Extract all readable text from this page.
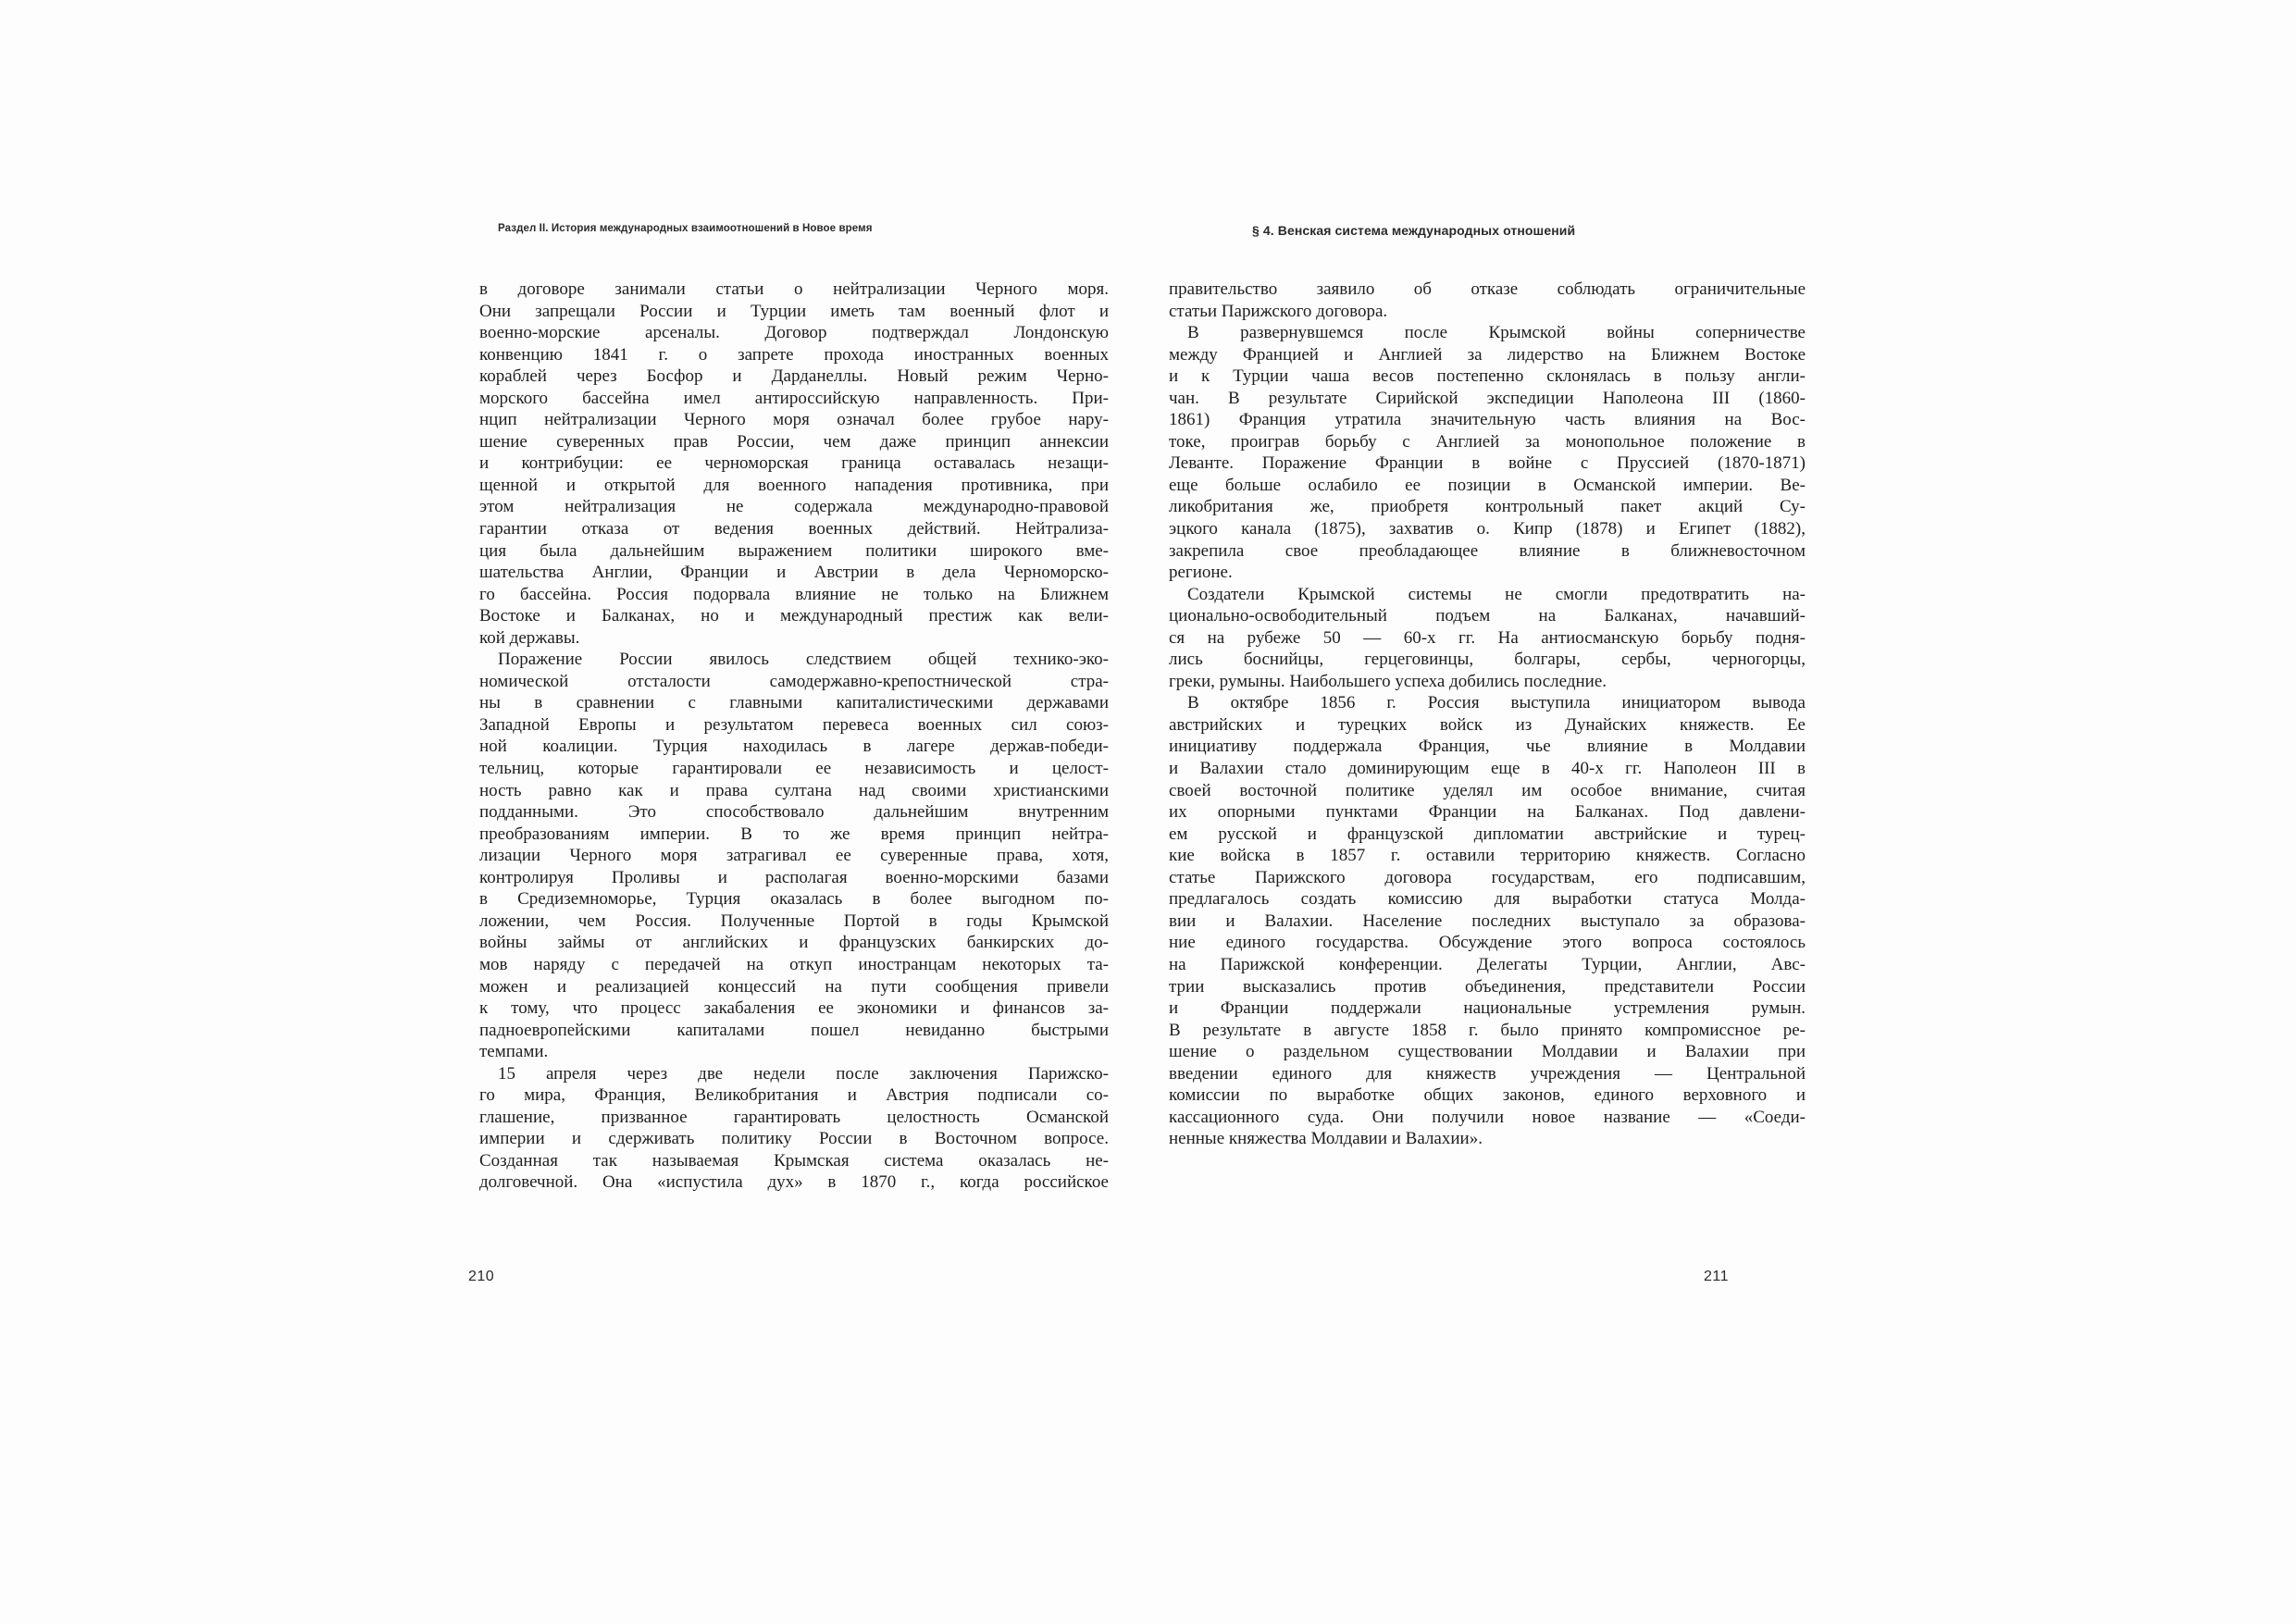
Раздел II. История международных взаимоотношений в Новое время
в договоре занимали статьи о нейтрализации Черного моря.
Они запрещали России и Турции иметь там военный флот и
военно-морские арсеналы. Договор подтверждал Лондонскую
конвенцию 1841 г. о запрете прохода иностранных военных
кораблей через Босфор и Дарданеллы. Новый режим Черно-
морского бассейна имел антироссийскую направленность. При-
нцип нейтрализации Черного моря означал более грубое нару-
шение суверенных прав России, чем даже принцип аннексии
и контрибуции: ее черноморская граница оставалась незащи-
щенной и открытой для военного нападения противника, при
этом нейтрализация не содержала международно-правовой
гарантии отказа от ведения военных действий. Нейтрализа-
ция была дальнейшим выражением политики широкого вме-
шательства Англии, Франции и Австрии в дела Черноморско-
го бассейна. Россия подорвала влияние не только на Ближнем
Востоке и Балканах, но и международный престиж как вели-
кой державы.
Поражение России явилось следствием общей технико-эко-
номической отсталости самодержавно-крепостнической стра-
ны в сравнении с главными капиталистическими державами
Западной Европы и результатом перевеса военных сил союз-
ной коалиции. Турция находилась в лагере держав-победи-
тельниц, которые гарантировали ее независимость и целост-
ность равно как и права султана над своими христианскими
подданными. Это способствовало дальнейшим внутренним
преобразованиям империи. В то же время принцип нейтра-
лизации Черного моря затрагивал ее суверенные права, хотя,
контролируя Проливы и располагая военно-морскими базами
в Средиземноморье, Турция оказалась в более выгодном по-
ложении, чем Россия. Полученные Портой в годы Крымской
войны займы от английских и французских банкирских до-
мов наряду с передачей на откуп иностранцам некоторых та-
можен и реализацией концессий на пути сообщения привели
к тому, что процесс закабаления ее экономики и финансов за-
падноевропейскими капиталами пошел невиданно быстрыми
темпами.
15 апреля через две недели после заключения Парижско-
го мира, Франция, Великобритания и Австрия подписали со-
глашение, призванное гарантировать целостность Османской
империи и сдерживать политику России в Восточном вопросе.
Созданная так называемая Крымская система оказалась не-
долговечной. Она «испустила дух» в 1870 г., когда российское
210
§ 4. Венская система международных отношений
правительство заявило об отказе соблюдать ограничительные
статьи Парижского договора.
В развернувшемся после Крымской войны соперничестве
между Францией и Англией за лидерство на Ближнем Востоке
и к Турции чаша весов постепенно склонялась в пользу англи-
чан. В результате Сирийской экспедиции Наполеона III (1860-
1861) Франция утратила значительную часть влияния на Вос-
токе, проиграв борьбу с Англией за монопольное положение в
Леванте. Поражение Франции в войне с Пруссией (1870-1871)
еще больше ослабило ее позиции в Османской империи. Ве-
ликобритания же, приобретя контрольный пакет акций Су-
эцкого канала (1875), захватив о. Кипр (1878) и Египет (1882),
закрепила свое преобладающее влияние в ближневосточном
регионе.
Создатели Крымской системы не смогли предотвратить на-
ционально-освободительный подъем на Балканах, начавший-
ся на рубеже 50 — 60-х гг. На антиосманскую борьбу подня-
лись боснийцы, герцеговинцы, болгары, сербы, черногорцы,
греки, румыны. Наибольшего успеха добились последние.
В октябре 1856 г. Россия выступила инициатором вывода
австрийских и турецких войск из Дунайских княжеств. Ее
инициативу поддержала Франция, чье влияние в Молдавии
и Валахии стало доминирующим еще в 40-х гг. Наполеон III в
своей восточной политике уделял им особое внимание, считая
их опорными пунктами Франции на Балканах. Под давлени-
ем русской и французской дипломатии австрийские и турец-
кие войска в 1857 г. оставили территорию княжеств. Согласно
статье Парижского договора государствам, его подписавшим,
предлагалось создать комиссию для выработки статуса Молда-
вии и Валахии. Население последних выступало за образова-
ние единого государства. Обсуждение этого вопроса состоялось
на Парижской конференции. Делегаты Турции, Англии, Авс-
трии высказались против объединения, представители России
и Франции поддержали национальные устремления румын.
В результате в августе 1858 г. было принято компромиссное ре-
шение о раздельном существовании Молдавии и Валахии при
введении единого для княжеств учреждения — Центральной
комиссии по выработке общих законов, единого верховного и
кассационного суда. Они получили новое название — «Соеди-
ненные княжества Молдавии и Валахии».
211
